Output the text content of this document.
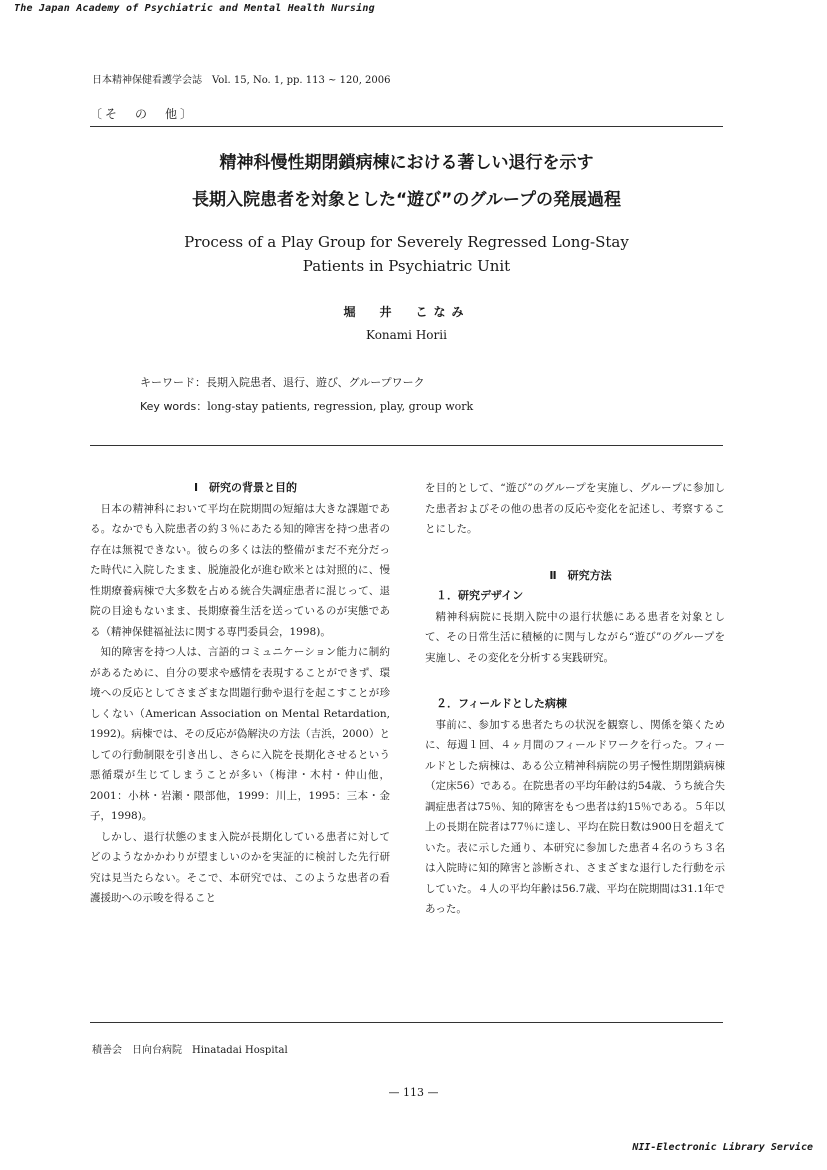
The Japan Academy of Psychiatric and Mental Health Nursing
日本精神保健看護学会誌　Vol. 15, No. 1, pp. 113 ~ 120, 2006
〔そ　の　他〕
精神科慢性期閉鎖病棟における著しい退行を示す
長期入院患者を対象とした“遊び”のグループの発展過程
Process of a Play Group for Severely Regressed Long-Stay
Patients in Psychiatric Unit
堀　井　こなみ
Konami Horii
キーワード：長期入院患者、退行、遊び、グループワーク
Key words：long-stay patients, regression, play, group work

Ⅰ　研究の背景と目的

日本の精神科において平均在院期間の短縮は大きな課題である。なかでも入院患者の約３％にあたる知的障害を持つ患者の存在は無視できない。彼らの多くは法的整備がまだ不充分だった時代に入院したまま、脱施設化が進む欧米とは対照的に、慢性期療養病棟で大多数を占める統合失調症患者に混じって、退院の目途もないまま、長期療養生活を送っているのが実態である（精神保健福祉法に関する専門委員会，1998)。

知的障害を持つ人は、言語的コミュニケーション能力に制約があるために、自分の要求や感情を表現することができず、環境への反応としてさまざまな問題行動や退行を起こすことが珍しくない（American Association on Mental Retardation, 1992)。病棟では、その反応が偽解決の方法（吉浜，2000）としての行動制限を引き出し、さらに入院を長期化させるという悪循環が生じてしまうことが多い（梅津・木村・仲山他，2001：小林・岩瀬・隈部他，1999：川上，1995：三本・金子，1998)。

しかし、退行状態のまま入院が長期化している患者に対してどのようなかかわりが望ましいのかを実証的に検討した先行研究は見当たらない。そこで、本研究では、このような患者の看護援助への示唆を得ること

を目的として、“遊び”のグループを実施し、グループに参加した患者およびその他の患者の反応や変化を記述し、考察することにした。

Ⅱ　研究方法

１．研究デザイン

精神科病院に長期入院中の退行状態にある患者を対象として、その日常生活に積極的に関与しながら“遊び”のグループを実施し、その変化を分析する実践研究。

２．フィールドとした病棟

事前に、参加する患者たちの状況を観察し、関係を築くために、毎週１回、４ヶ月間のフィールドワークを行った。フィールドとした病棟は、ある公立精神科病院の男子慢性期閉鎖病棟（定床56）である。在院患者の平均年齢は約54歳、うち統合失調症患者は75％、知的障害をもつ患者は約15％である。５年以上の長期在院者は77％に達し、平均在院日数は900日を超えていた。表に示した通り、本研究に参加した患者４名のうち３名は入院時に知的障害と診断され、さまざまな退行した行動を示していた。４人の平均年齢は56.7歳、平均在院期間は31.1年であった。

積善会　日向台病院　Hinatadai Hospital
— 113 —
NII-Electronic Library Service
